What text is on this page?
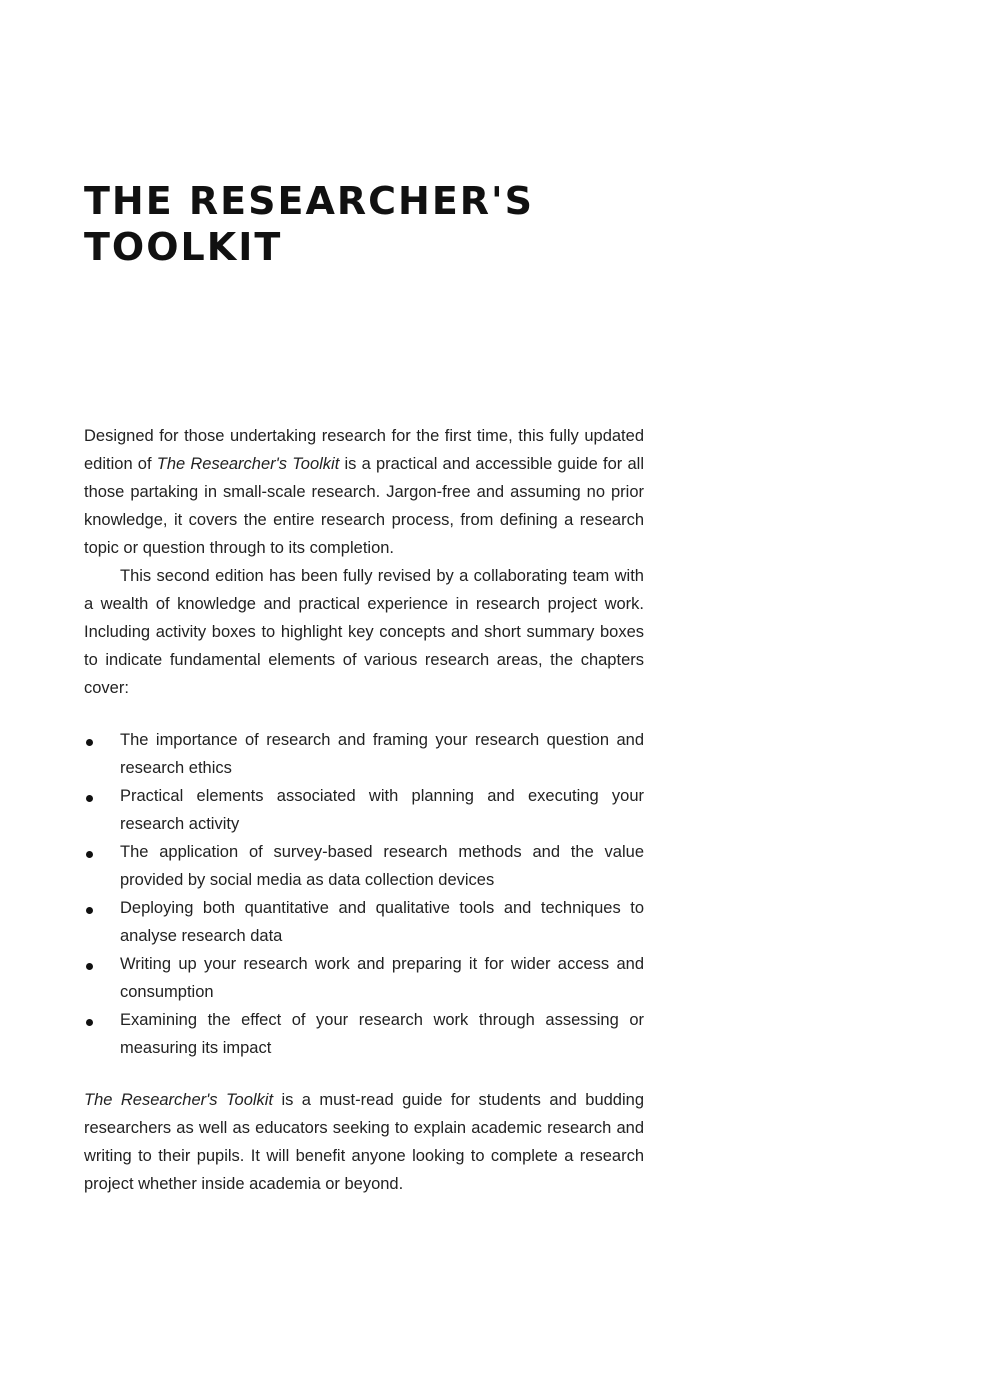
THE RESEARCHER'S
TOOLKIT

Designed for those undertaking research for the first time, this fully updated edition of The Researcher's Toolkit is a practical and accessible guide for all those partaking in small-scale research. Jargon-free and assuming no prior knowledge, it covers the entire research process, from defining a research topic or question through to its completion.

This second edition has been fully revised by a collaborating team with a wealth of knowledge and practical experience in research project work. Including activity boxes to highlight key concepts and short summary boxes to indicate fundamental elements of various research areas, the chapters cover:

The importance of research and framing your research question and research ethics
Practical elements associated with planning and executing your research activity
The application of survey-based research methods and the value provided by social media as data collection devices
Deploying both quantitative and qualitative tools and techniques to analyse research data
Writing up your research work and preparing it for wider access and consumption
Examining the effect of your research work through assessing or measuring its impact

The Researcher's Toolkit is a must-read guide for students and budding researchers as well as educators seeking to explain academic research and writing to their pupils. It will benefit anyone looking to complete a research project whether inside academia or beyond.
